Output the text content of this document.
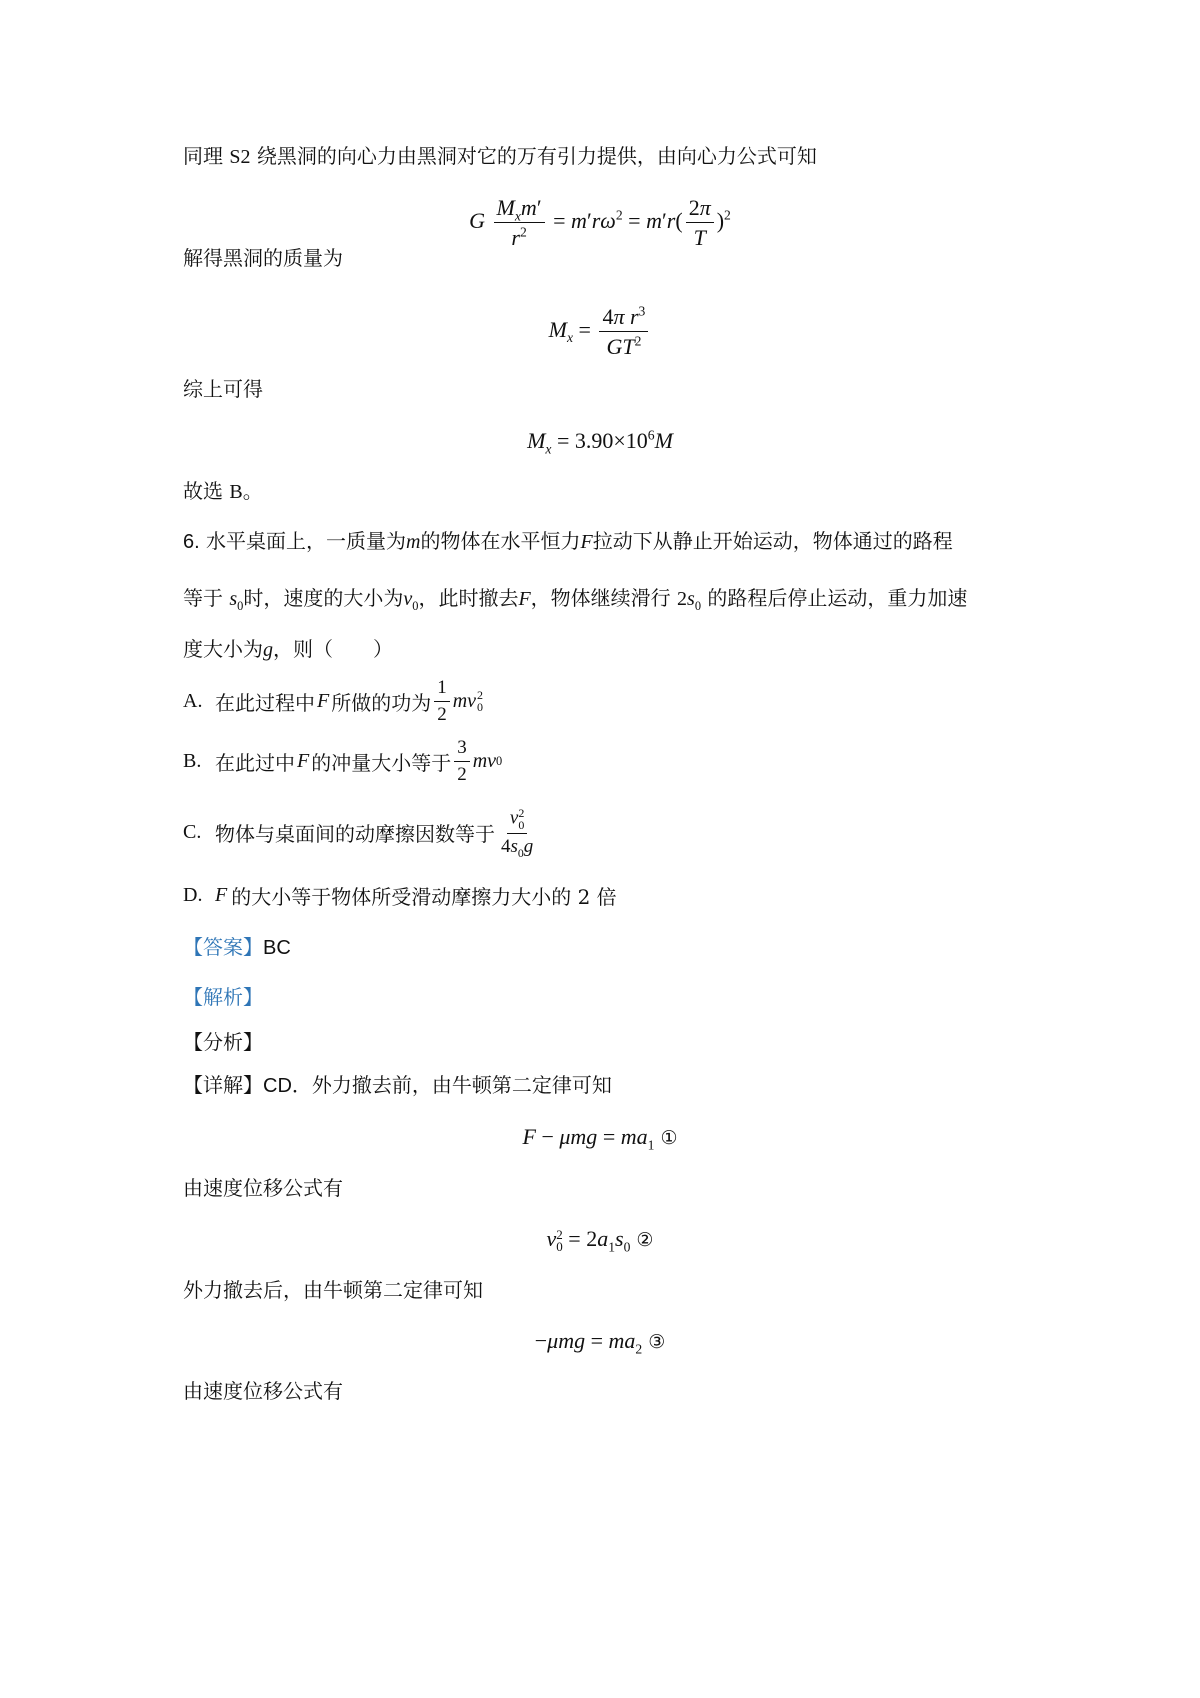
同理 S2 绕黑洞的向心力由黑洞对它的万有引力提供，由向心力公式可知
G $\frac{M_xm'}{r^2} = m'r\omega^2 = m'r( \frac{2\pi}{T} )^2$
解得黑洞的质量为
$M_x = \frac{4\pi r^3}{GT^2}$
综上可得
$M_x = 3.90\times 10^6M$
故选 B。
6. 水平桌面上，一质量为m的物体在水平恒力F拉动下从静止开始运动，物体通过的路程
等于 $s_0$时，速度的大小为$v_0$，此时撤去F，物体继续滑行 $2s_0$ 的路程后停止运动，重力加速
度大小为g，则（　　）
A. 在此过程中 F 所做的功为 $\frac{1}{2}$ mv 2
0
B. 在此过中 F 的冲量大小等于 $\frac{3}{2}$ mv 0
C. 物体与桌面间的动摩擦因数等于 v 2
0
$4s_0g$
D. F 的大小等于物体所受滑动摩擦力大小的 2 倍
【答案】BC
【解析】
【分析】
【详解】CD．外力撤去前，由牛顿第二定律可知
$F - \mu mg = ma_1$ ①
由速度位移公式有
v 2
$0 = 2a_1s_0$ ②
外力撤去后，由牛顿第二定律可知
$-\mu mg = ma_2$ ③
由速度位移公式有
